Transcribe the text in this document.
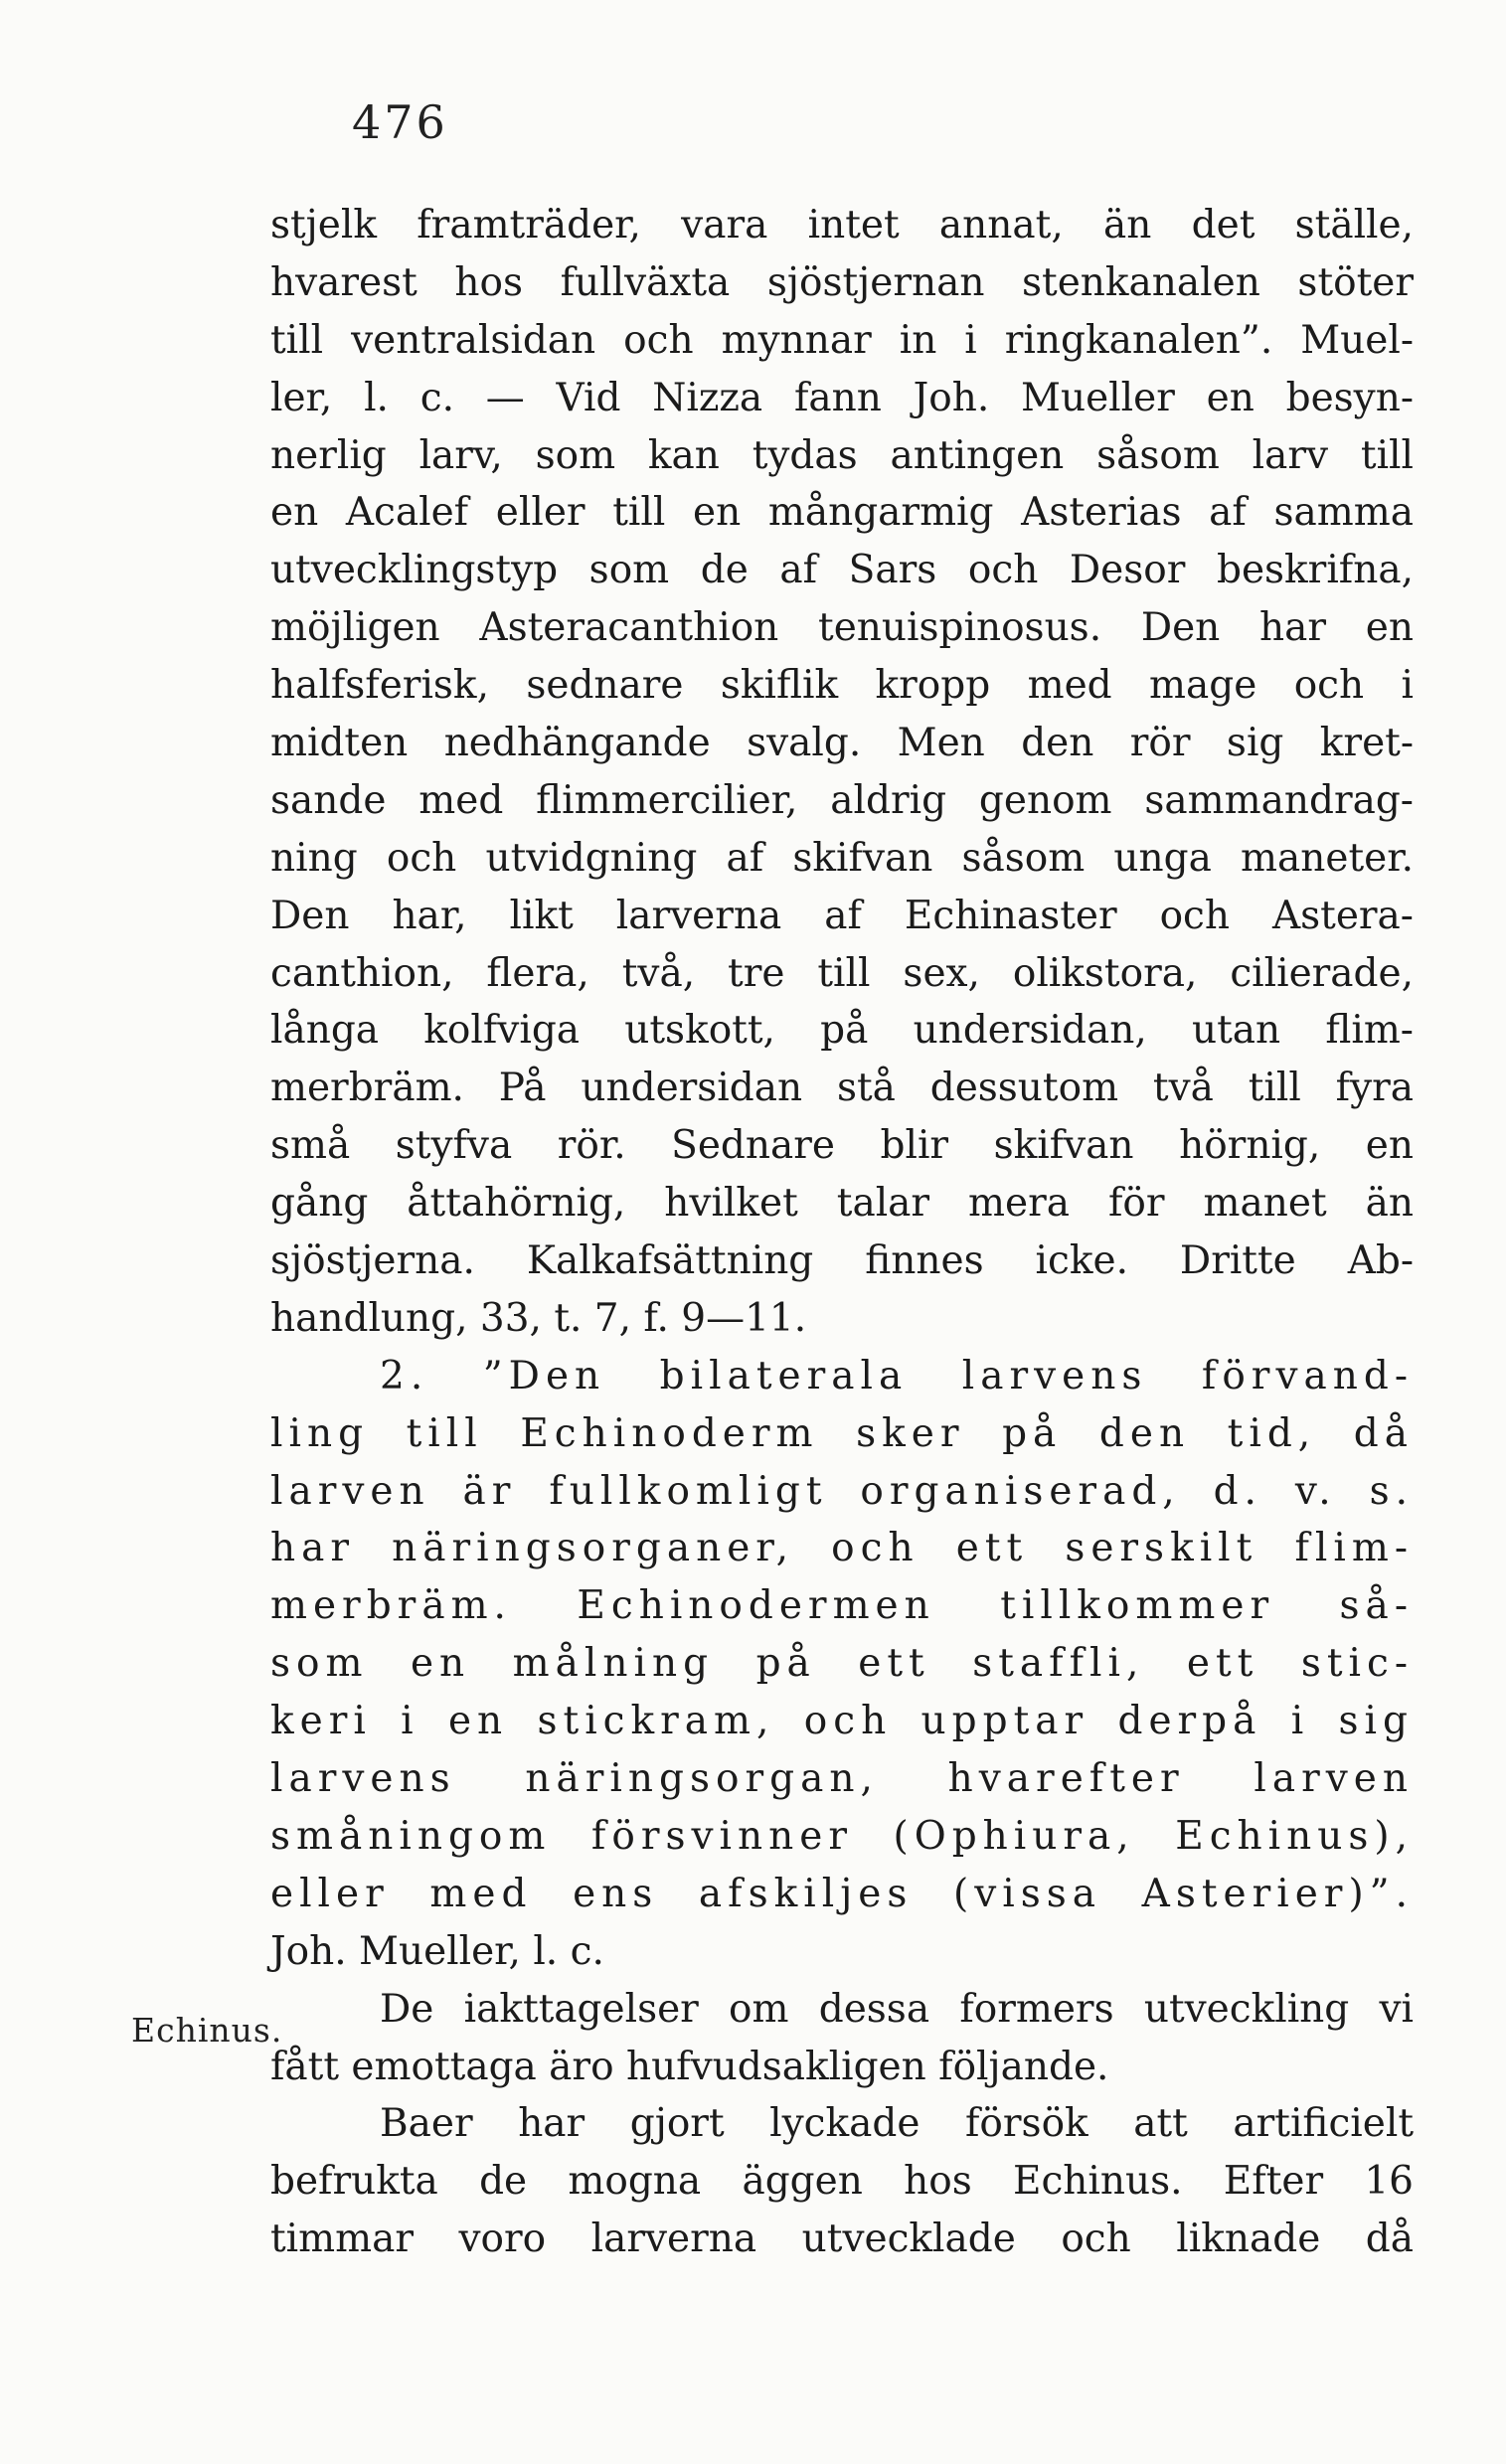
476
Echinus.
stjelk framträder, vara intet annat, än det ställe,
hvarest hos fullväxta sjöstjernan stenkanalen stöter
till ventralsidan och mynnar in i ringkanalen”. Muel-
ler, l. c. — Vid Nizza fann Joh. Mueller en besyn-
nerlig larv, som kan tydas antingen såsom larv till
en Acalef eller till en mångarmig Asterias af samma
utvecklingstyp som de af Sars och Desor beskrifna,
möjligen Asteracanthion tenuispinosus. Den har en
halfsferisk, sednare skiflik kropp med mage och i
midten nedhängande svalg. Men den rör sig kret-
sande med flimmercilier, aldrig genom sammandrag-
ning och utvidgning af skifvan såsom unga maneter.
Den har, likt larverna af Echinaster och Astera-
canthion, flera, två, tre till sex, olikstora, cilierade,
långa kolfviga utskott, på undersidan, utan flim-
merbräm. På undersidan stå dessutom två till fyra
små styfva rör. Sednare blir skifvan hörnig, en
gång åttahörnig, hvilket talar mera för manet än
sjöstjerna. Kalkafsättning finnes icke. Dritte Ab-
handlung, 33, t. 7, f. 9—11.
2. ”Den bilaterala larvens förvand-
ling till Echinoderm sker på den tid, då
larven är fullkomligt organiserad, d. v. s.
har näringsorganer, och ett serskilt flim-
merbräm. Echinodermen tillkommer så-
som en målning på ett staffli, ett stic-
keri i en stickram, och upptar derpå i sig
larvens näringsorgan, hvarefter larven
småningom försvinner (Ophiura, Echinus),
eller med ens afskiljes (vissa Asterier)”.
Joh. Mueller, l. c.
De iakttagelser om dessa formers utveckling vi
fått emottaga äro hufvudsakligen följande.
Baer har gjort lyckade försök att artificielt
befrukta de mogna äggen hos Echinus. Efter 16
timmar voro larverna utvecklade och liknade då
